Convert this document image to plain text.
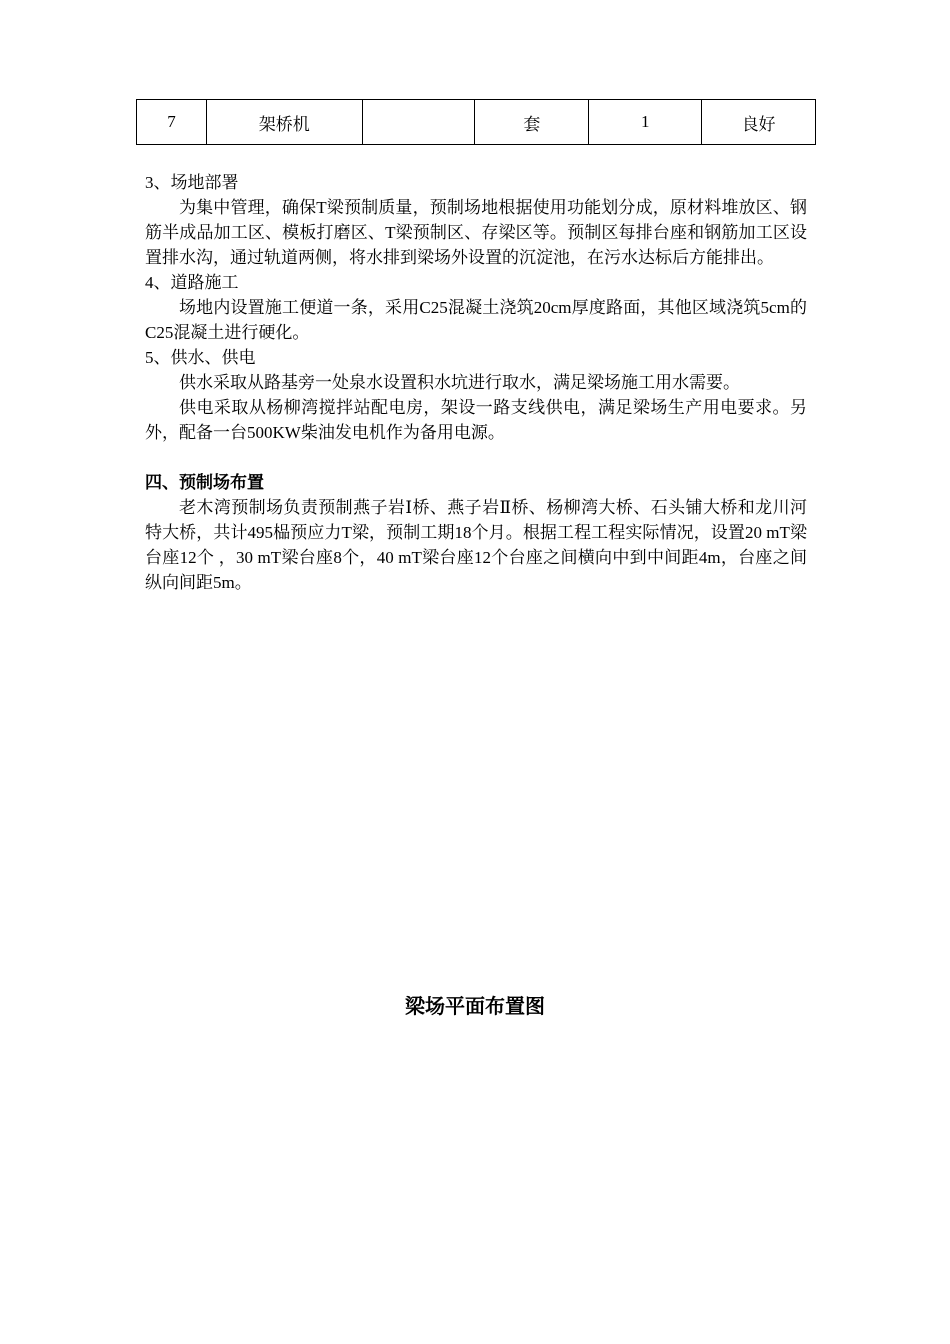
7	架桥机		套	1	良好

3、场地部署

为集中管理，确保T梁预制质量，预制场地根据使用功能划分成，原材料堆放区、钢筋半成品加工区、模板打磨区、T梁预制区、存梁区等。预制区每排台座和钢筋加工区设置排水沟，通过轨道两侧，将水排到梁场外设置的沉淀池，在污水达标后方能排出。

4、道路施工

场地内设置施工便道一条，采用C25混凝土浇筑20cm厚度路面，其他区域浇筑5cm的C25混凝土进行硬化。

5、供水、供电

供水采取从路基旁一处泉水设置积水坑进行取水，满足梁场施工用水需要。

供电采取从杨柳湾搅拌站配电房，架设一路支线供电，满足梁场生产用电要求。另外，配备一台500KW柴油发电机作为备用电源。

四、预制场布置

老木湾预制场负责预制燕子岩Ⅰ桥、燕子岩Ⅱ桥、杨柳湾大桥、石头铺大桥和龙川河特大桥，共计495榀预应力T梁，预制工期18个月。根据工程工程实际情况，设置20 mT梁台座12个 ，30 mT梁台座8个，40 mT梁台座12个台座之间横向中到中间距4m，台座之间纵向间距5m。

梁场平面布置图
